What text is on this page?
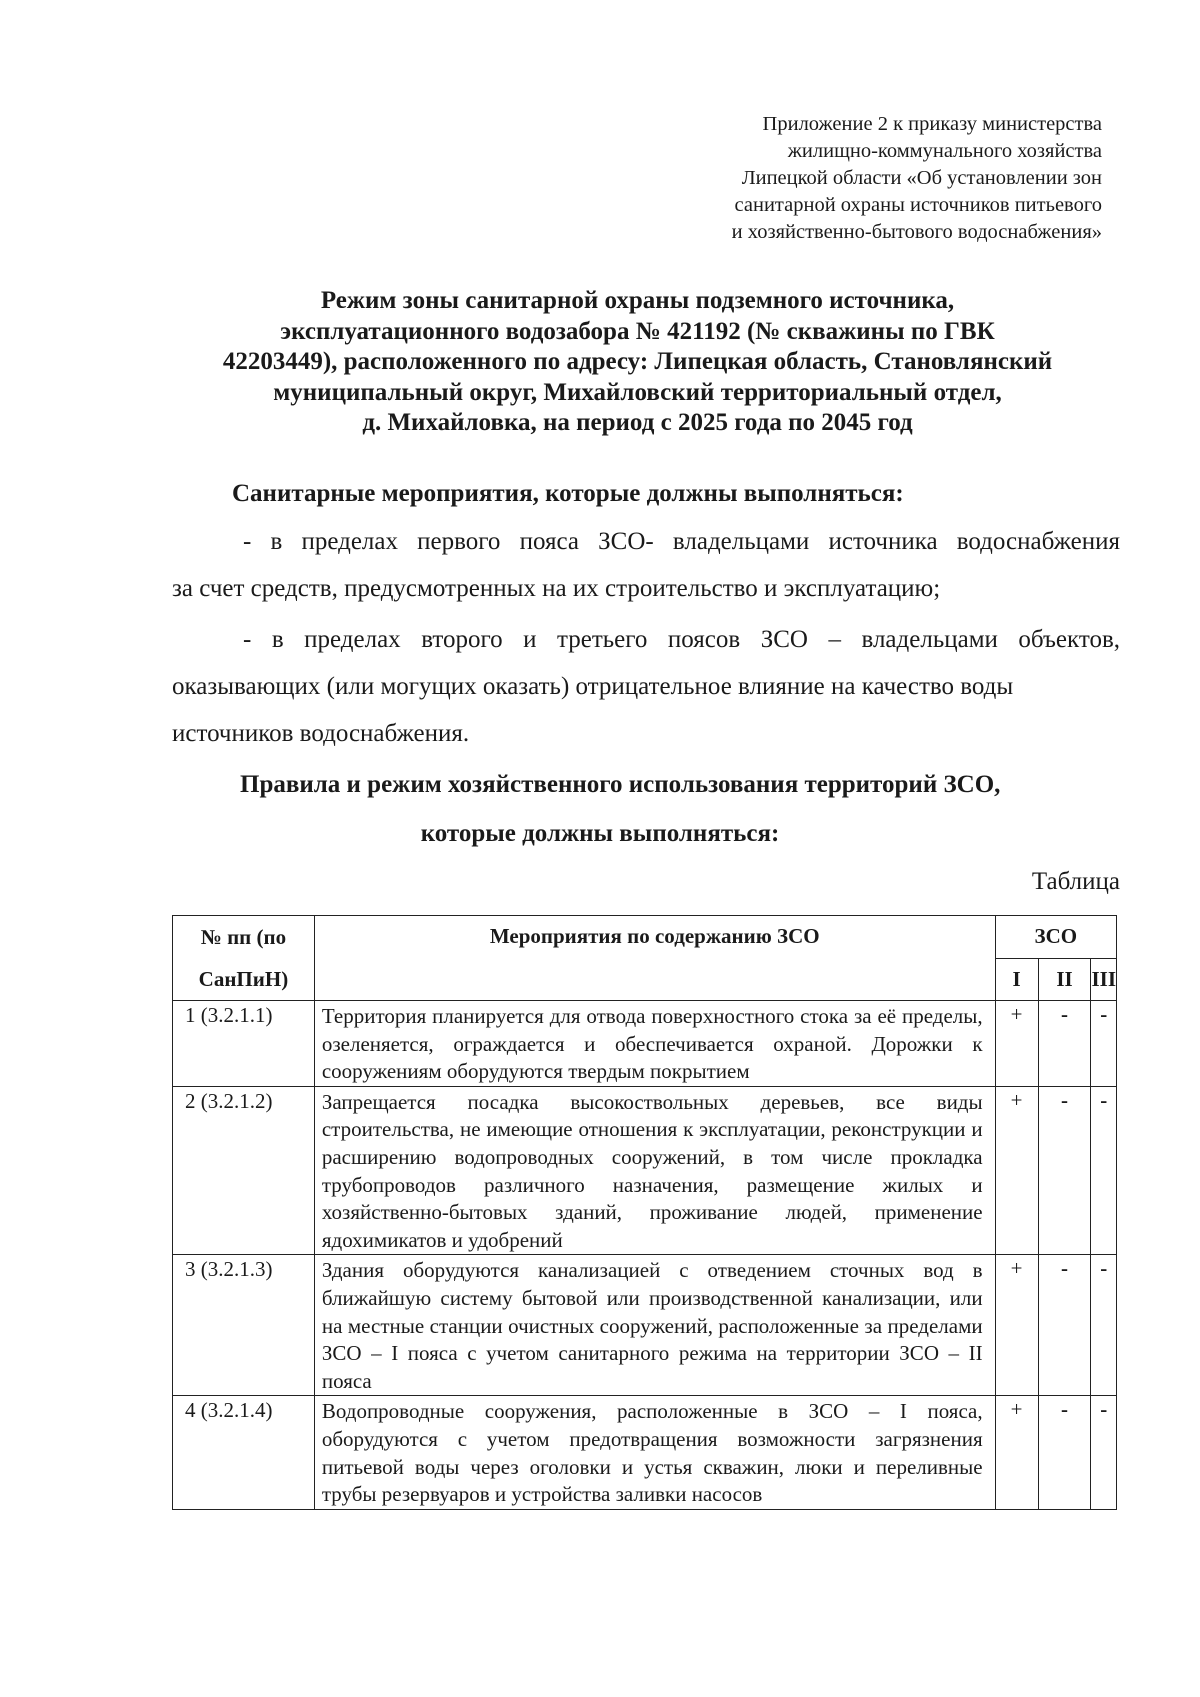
Приложение 2 к приказу министерства
жилищно-коммунального хозяйства
Липецкой области «Об установлении зон
санитарной охраны источников питьевого
и хозяйственно-бытового водоснабжения»
Режим зоны санитарной охраны подземного источника,
эксплуатационного водозабора № 421192 (№ скважины по ГВК
42203449), расположенного по адресу: Липецкая область, Становлянский
муниципальный округ, Михайловский территориальный отдел,
д. Михайловка, на период с 2025 года по 2045 год
Санитарные мероприятия, которые должны выполняться:

- в пределах первого пояса ЗСО- владельцами источника водоснабжения

за счет средств, предусмотренных на их строительство и эксплуатацию;

- в пределах второго и третьего поясов ЗСО – владельцами объектов,

оказывающих (или могущих оказать) отрицательное влияние на качество воды источников водоснабжения.

Правила и режим хозяйственного использования территорий ЗСО,
которые должны выполняться:
Таблица
№ пп (по
СанПиН)	Мероприятия по содержанию ЗСО	ЗСО		
		I	II	III
1 (3.2.1.1)	Территория планируется для отвода поверхностного стока за её пределы, озеленяется, ограждается и обеспечивается охраной. Дорожки к сооружениям оборудуются твердым покрытием	+	-	-
2 (3.2.1.2)	Запрещается посадка высокоствольных деревьев, все виды строительства, не имеющие отношения к эксплуатации, реконструкции и расширению водопроводных сооружений, в том числе прокладка трубопроводов различного назначения, размещение жилых и хозяйственно-бытовых зданий, проживание людей, применение ядохимикатов и удобрений	+	-	-
3 (3.2.1.3)	Здания оборудуются канализацией с отведением сточных вод в ближайшую систему бытовой или производственной канализации, или на местные станции очистных сооружений, расположенные за пределами ЗСО – I пояса с учетом санитарного режима на территории ЗСО – II пояса	+	-	-
4 (3.2.1.4)	Водопроводные сооружения, расположенные в ЗСО – I пояса, оборудуются с учетом предотвращения возможности загрязнения питьевой воды через оголовки и устья скважин, люки и переливные трубы резервуаров и устройства заливки насосов	+	-	-
